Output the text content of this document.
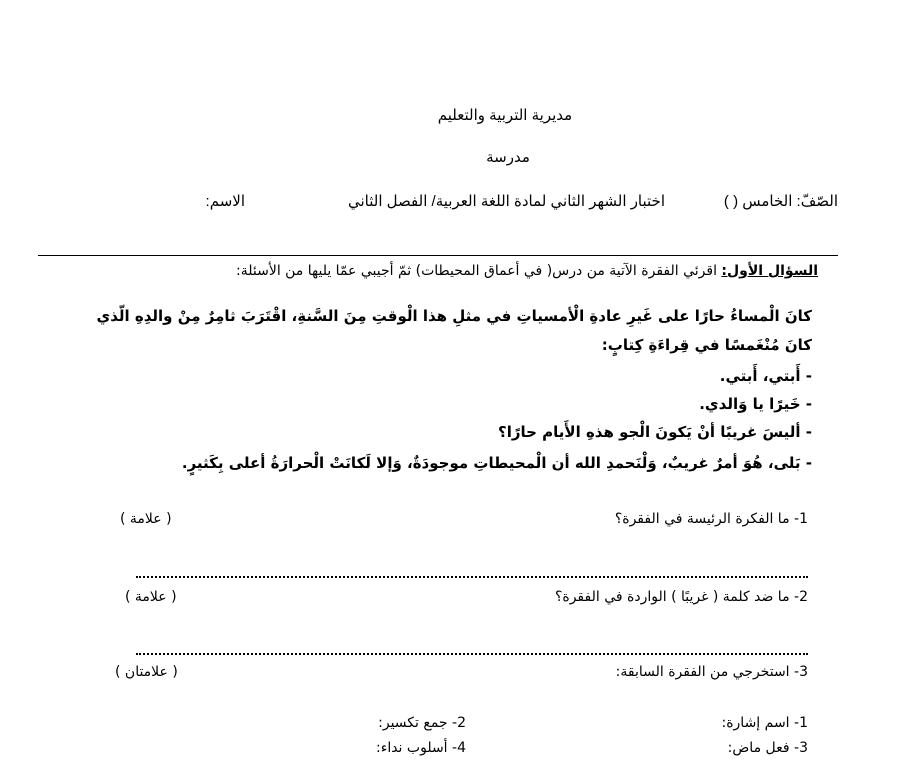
مديرية التربية والتعليم
مدرسة
الصّفّ: الخامس ( )
اختبار الشهر الثاني لمادة اللغة العربية/ الفصل الثاني
الاسم:
السؤال الأول: اقرئي الفقرة الآتية من درس( في أعماق المحيطات) ثمّ أجيبي عمّا يليها من الأسئلة:
كانَ الْمساءُ حارًا على غَيرِ عادةِ الْأمسياتِ في مثلِ هذا الْوقتِ مِنَ السَّنةِ، اقْتَرَبَ ثامِرٌ مِنْ والدِهِ الّذي
كانَ مُنْغَمسًا في قِراءَةِ كِتابٍ:
- أَبتي، أَبتي.
- خَيرًا يا وَالدي.
- أليسَ غريبًا أنْ يَكونَ الْجو هذهِ الأَيام حارًا؟
- بَلى، هُوَ أمرٌ غريبٌ، وَلْنَحمدِ الله أن الْمحيطاتِ موجودَةٌ، وَإلا لَكانَتْ الْحرارَةُ أعلى بِكَثيرٍ.
1- ما الفكرة الرئيسة في الفقرة؟
( علامة )
2- ما ضد كلمة ( غريبًا ) الواردة في الفقرة؟
( علامة )
3- استخرجي من الفقرة السابقة:
( علامتان )
1- اسم إشارة:
2- جمع تكسير:
3- فعل ماض:
4- أسلوب نداء:
